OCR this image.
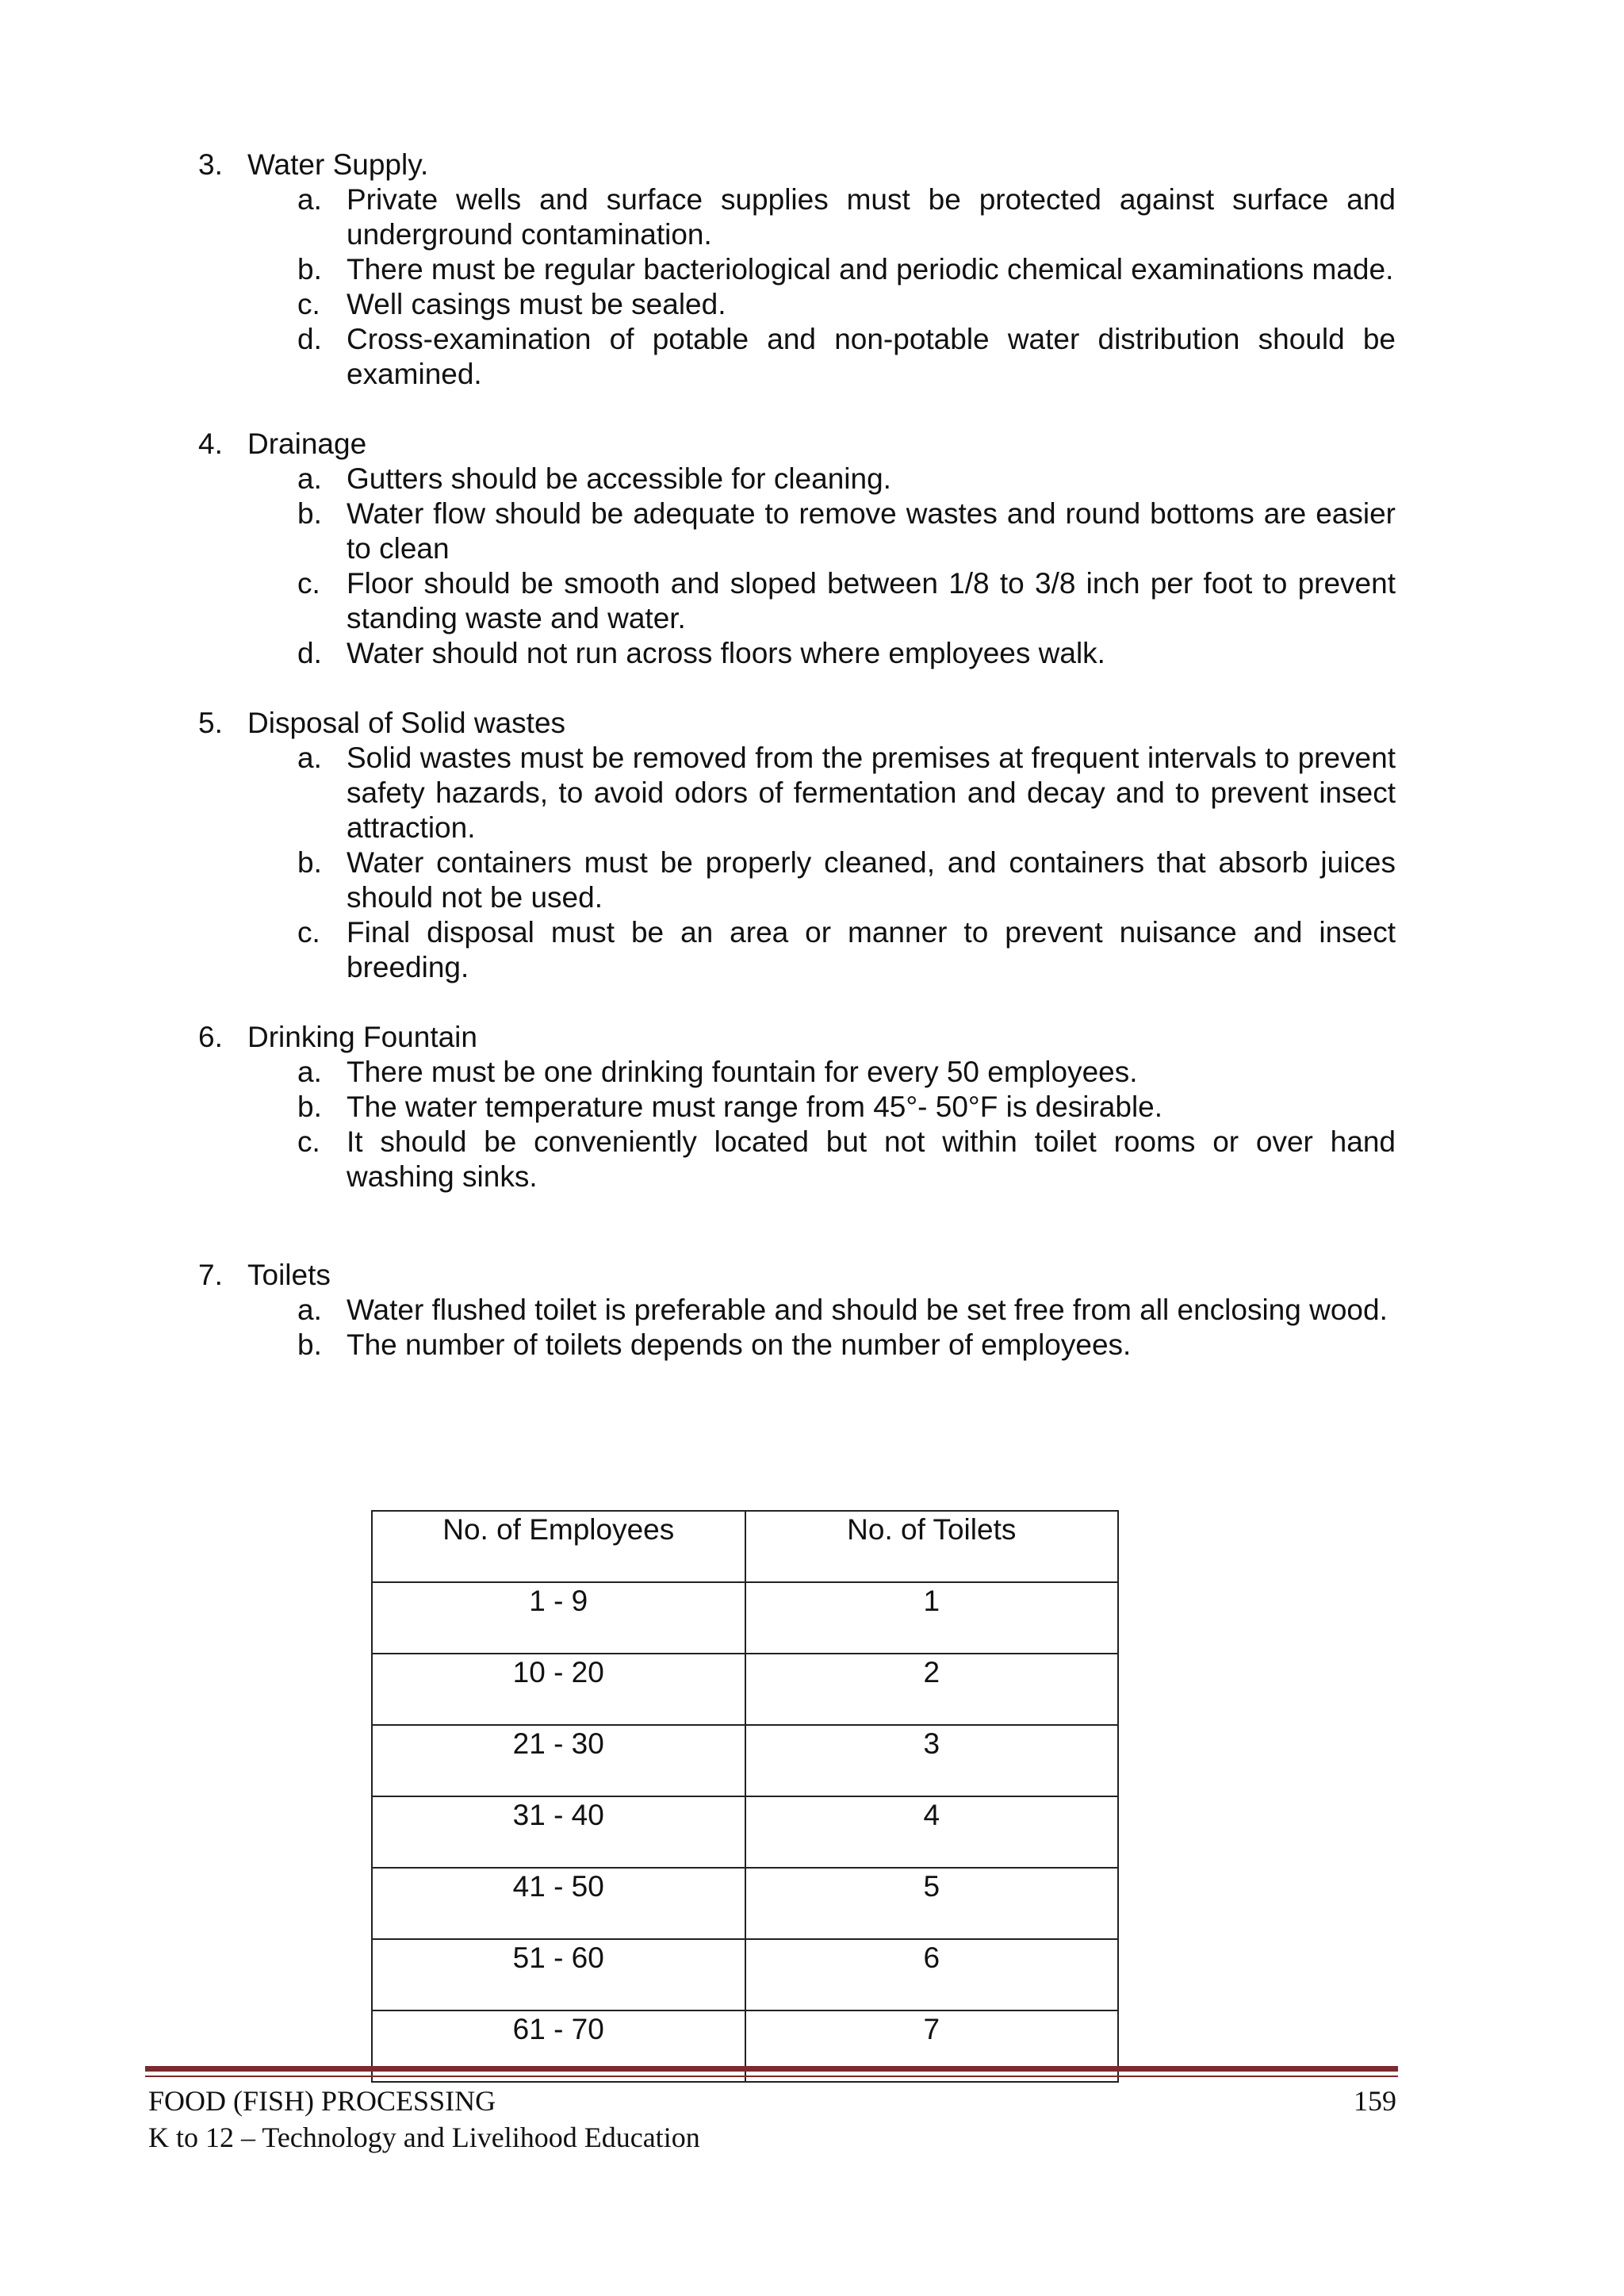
3. Water Supply.
a. Private wells and surface supplies must be protected against surface and underground contamination.
b. There must be regular bacteriological and periodic chemical examinations made.
c. Well casings must be sealed.
d. Cross-examination of potable and non-potable water distribution should be examined.
4. Drainage
a. Gutters should be accessible for cleaning.
b. Water flow should be adequate to remove wastes and round bottoms are easier to clean
c. Floor should be smooth and sloped between 1/8 to 3/8 inch per foot to prevent standing waste and water.
d. Water should not run across floors where employees walk.
5. Disposal of Solid wastes
a. Solid wastes must be removed from the premises at frequent intervals to prevent safety hazards, to avoid odors of fermentation and decay and to prevent insect attraction.
b. Water containers must be properly cleaned, and containers that absorb juices should not be used.
c. Final disposal must be an area or manner to prevent nuisance and insect breeding.
6. Drinking Fountain
a. There must be one drinking fountain for every 50 employees.
b. The water temperature must range from 45°- 50°F is desirable.
c. It should be conveniently located but not within toilet rooms or over hand washing sinks.
7. Toilets
a. Water flushed toilet is preferable and should be set free from all enclosing wood.
b. The number of toilets depends on the number of employees.
No. of Employees	No. of Toilets
1 - 9	1
10 - 20	2
21 - 30	3
31 - 40	4
41 - 50	5
51 - 60	6
61 - 70	7
FOOD (FISH) PROCESSING	159
K to 12 – Technology and Livelihood Education
